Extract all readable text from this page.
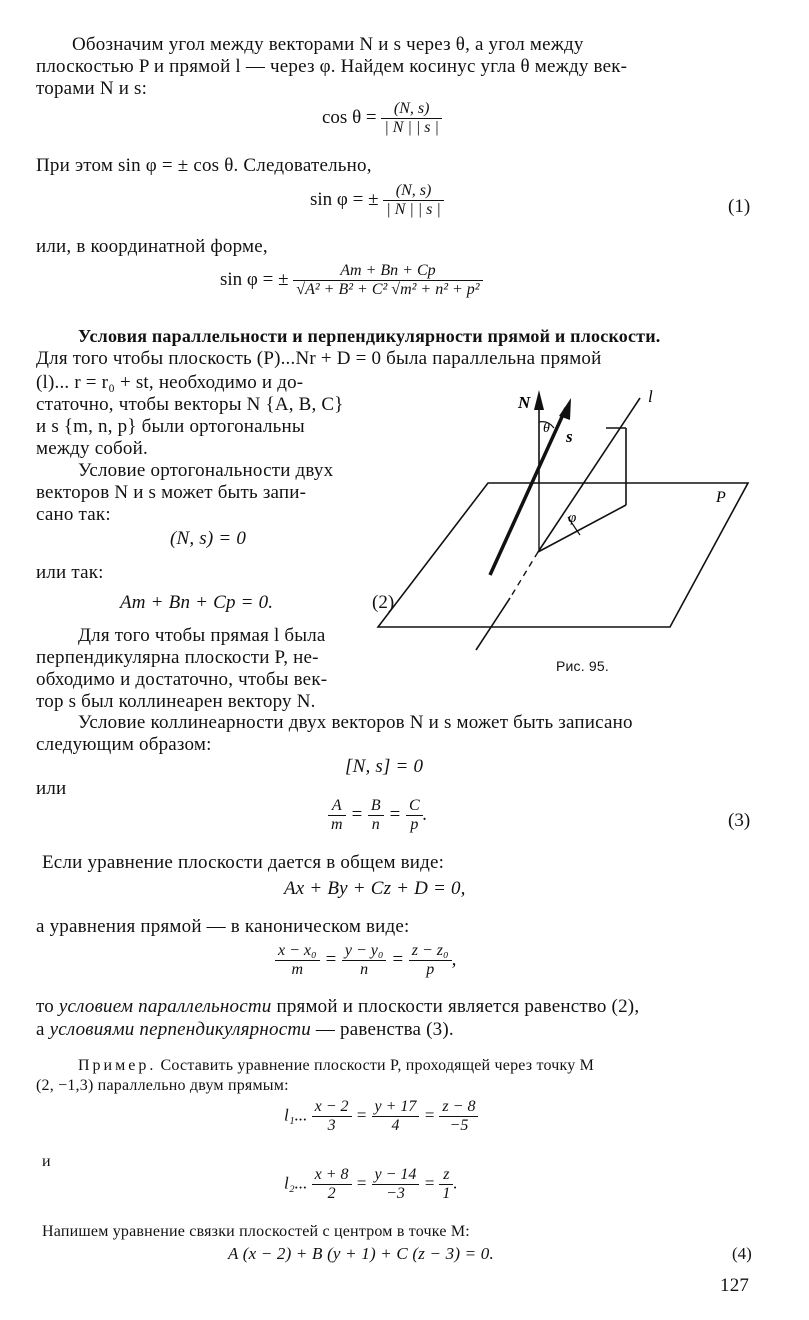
Обозначим угол между векторами N и s через θ, а угол между
плоскостью P и прямой l — через φ. Найдем косинус угла θ между век-
торами N и s:
$\cos \theta = \frac{(N, s)}{| N | | s |}$
При этом sin φ = ± cos θ. Следовательно,
sin φ = ± $\frac{(N, s)}{| N | | s |}$	(1)
или, в координатной форме,
sin φ = ± $\frac{Am + Bn + Cp}{\text{√A² + B² + C² √m² + n² + p²}}$
Условия параллельности и перпендикулярности прямой и плоскости.
Для того чтобы плоскость (P)...Nr + D = 0 была параллельна прямой
(l)... r = r₀ + st, необходимо и до-
статочно, чтобы векторы N {A, B, C}
и s {m, n, p} были ортогональны
между собой.
Условие ортогональности двух
векторов N и s может быть запи-
сано так:
(N, s) = 0
или так:
Am + Bn + Cp = 0.	(2)
Для того чтобы прямая l была
перпендикулярна плоскости P, не-
обходимо и достаточно, чтобы век-
тор s был коллинеарен вектору N.
N
θ s
l
P
φ
Рис. 95.
Условие коллинеарности двух векторов N и s может быть записано
следующим образом:
[N, s] = 0
или
$\frac{A}{m} = \frac{B}{n} = \frac{C}{p}$ .	(3)
Если уравнение плоскости дается в общем виде:
Ax + By + Cz + D = 0,
а уравнения прямой — в каноническом виде:
$\frac{\text{x − x₀}}{m} = \frac{\text{y − y₀}}{n} = \frac{\text{z − z₀}}{p}$ ,
то условием параллельности прямой и плоскости является равенство (2),
а условиями перпендикулярности — равенства (3).
Пример. Составить уравнение плоскости P, проходящей через точку M
(2, −1,3) параллельно двум прямым:
l₁... $\frac{x - 2}{3} = \frac{y + 17}{4} = \frac{z - 8}{-5}$
и
l₂... $\frac{x + 8}{2} = \frac{y - 14}{-3} = \frac{z}{1}$ .
Напишем уравнение связки плоскостей с центром в точке M:
A (x − 2) + B (y + 1) + C (z − 3) = 0.	(4)
127
